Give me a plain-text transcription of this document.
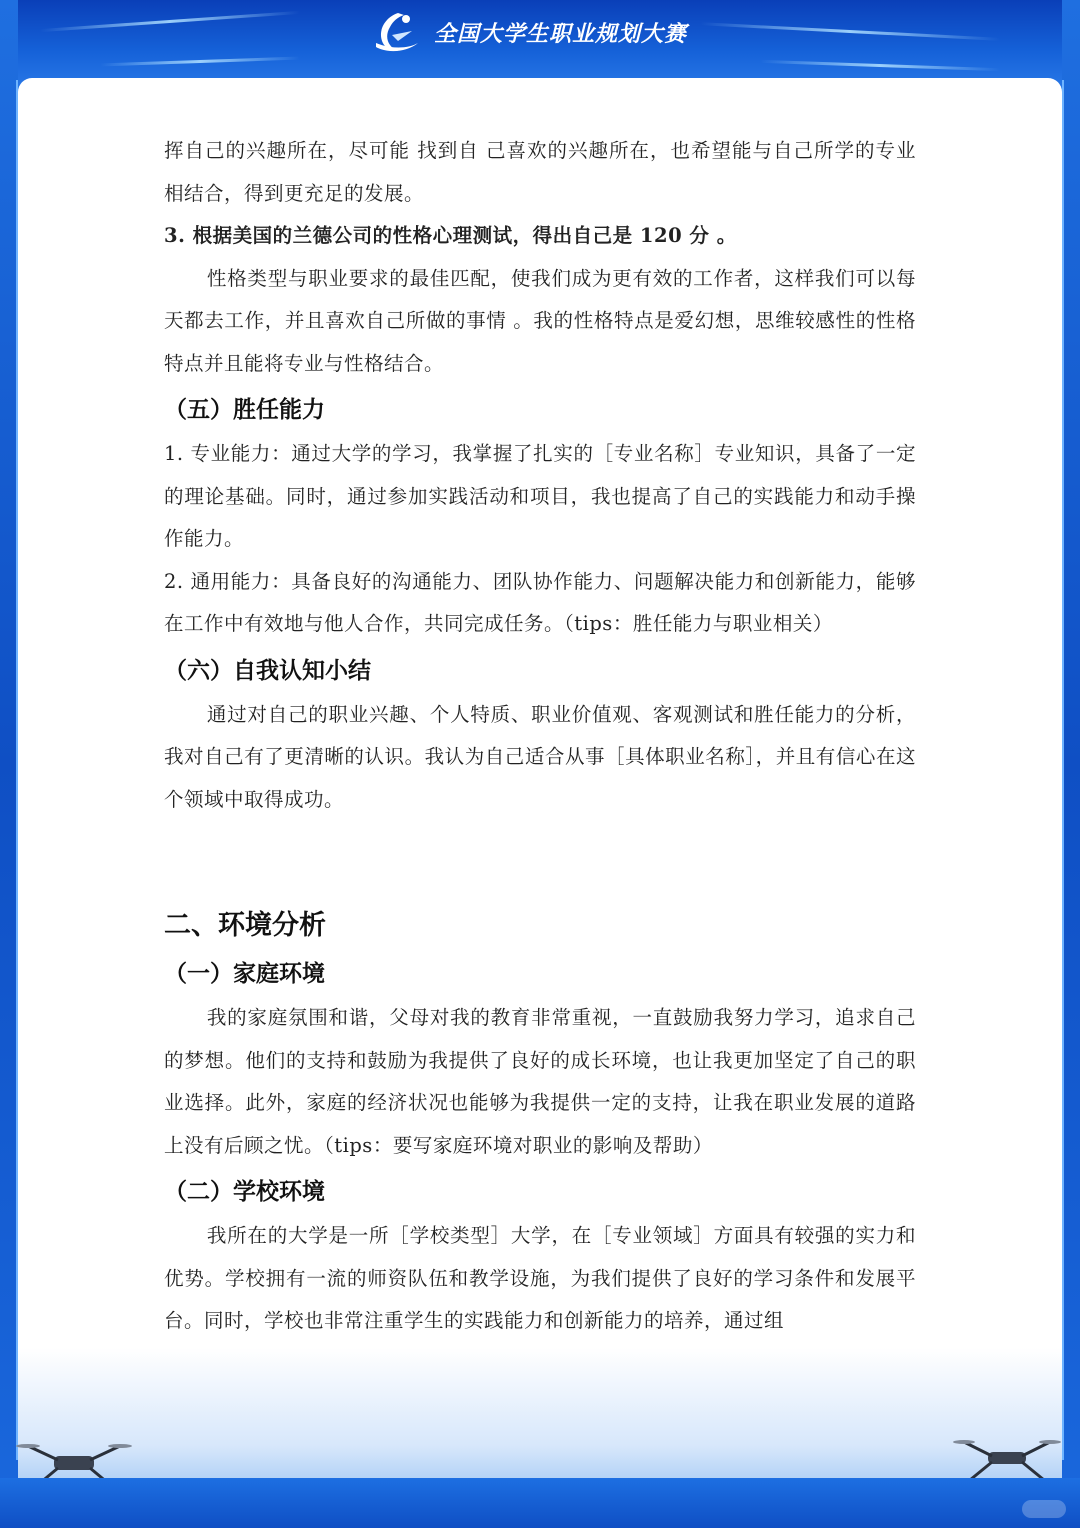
全国大学生职业规划大赛

挥自己的兴趣所在，尽可能 找到自 己喜欢的兴趣所在，也希望能与自己所学的专业相结合，得到更充足的发展。

3. 根据美国的兰德公司的性格心理测试，得出自己是 120 分 。

性格类型与职业要求的最佳匹配，使我们成为更有效的工作者，这样我们可以每天都去工作，并且喜欢自己所做的事情 。我的性格特点是爱幻想，思维较感性的性格特点并且能将专业与性格结合。

（五）胜任能力

1. 专业能力：通过大学的学习，我掌握了扎实的［专业名称］专业知识，具备了一定的理论基础。同时，通过参加实践活动和项目，我也提高了自己的实践能力和动手操作能力。

2. 通用能力：具备良好的沟通能力、团队协作能力、问题解决能力和创新能力，能够在工作中有效地与他人合作，共同完成任务。（tips：胜任能力与职业相关）

（六）自我认知小结

通过对自己的职业兴趣、个人特质、职业价值观、客观测试和胜任能力的分析，我对自己有了更清晰的认识。我认为自己适合从事［具体职业名称］，并且有信心在这个领域中取得成功。

二、环境分析
（一）家庭环境

我的家庭氛围和谐，父母对我的教育非常重视，一直鼓励我努力学习，追求自己的梦想。他们的支持和鼓励为我提供了良好的成长环境，也让我更加坚定了自己的职业选择。此外，家庭的经济状况也能够为我提供一定的支持，让我在职业发展的道路上没有后顾之忧。（tips：要写家庭环境对职业的影响及帮助）

（二）学校环境

我所在的大学是一所［学校类型］大学，在［专业领域］方面具有较强的实力和优势。学校拥有一流的师资队伍和教学设施，为我们提供了良好的学习条件和发展平台。同时，学校也非常注重学生的实践能力和创新能力的培养，通过组
